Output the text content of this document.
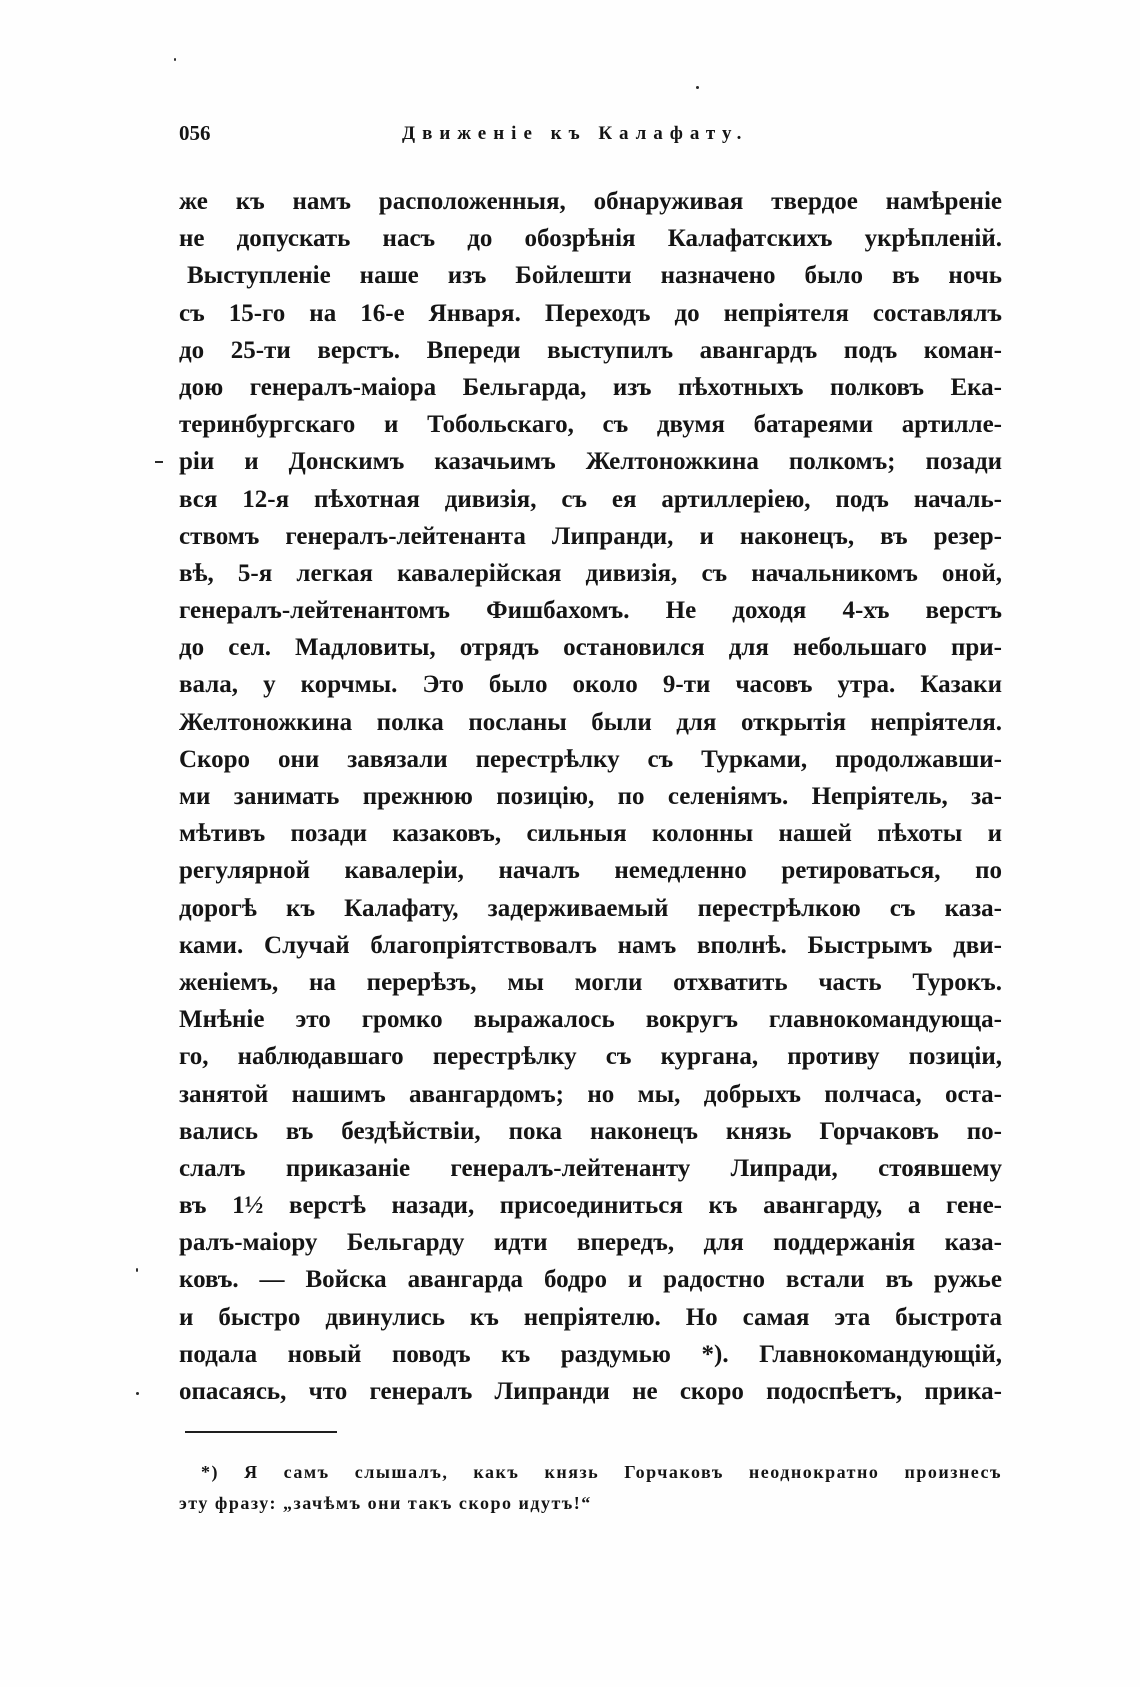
056	Движеніе къ Калафату.
же къ намъ расположенныя, обнаруживая твердое намѣреніе
не допускать насъ до обозрѣнія Калафатскихъ укрѣпленій.
Выступленіе наше изъ Бойлешти назначено было въ ночь
съ 15-го на 16-е Января. Переходъ до непріятеля составлялъ
до 25-ти верстъ. Впереди выступилъ авангардъ подъ коман-
дою генералъ-маіора Бельгарда, изъ пѣхотныхъ полковъ Ека-
теринбургскаго и Тобольскаго, съ двумя батареями артилле-
ріи и Донскимъ казачьимъ Желтоножкина полкомъ; позади
вся 12-я пѣхотная дивизія, съ ея артиллеріею, подъ началь-
ствомъ генералъ-лейтенанта Липранди, и наконецъ, въ резер-
вѣ, 5-я легкая кавалерійская дивизія, съ начальникомъ оной,
генералъ-лейтенантомъ Фишбахомъ. Не доходя 4-хъ верстъ
до сел. Мадловиты, отрядъ остановился для небольшаго при-
вала, у корчмы. Это было около 9-ти часовъ утра. Казаки
Желтоножкина полка посланы были для открытія непріятеля.
Скоро они завязали перестрѣлку съ Турками, продолжавши-
ми занимать прежнюю позицію, по селеніямъ. Непріятель, за-
мѣтивъ позади казаковъ, сильныя колонны нашей пѣхоты и
регулярной кавалеріи, началъ немедленно ретироваться, по
дорогѣ къ Калафату, задерживаемый перестрѣлкою съ каза-
ками. Случай благопріятствовалъ намъ вполнѣ. Быстрымъ дви-
женіемъ, на перерѣзъ, мы могли отхватить часть Турокъ.
Мнѣніе это громко выражалось вокругъ главнокомандующа-
го, наблюдавшаго перестрѣлку съ кургана, противу позиціи,
занятой нашимъ авангардомъ; но мы, добрыхъ полчаса, оста-
вались въ бездѣйствіи, пока наконецъ князь Горчаковъ по-
слалъ приказаніе генералъ-лейтенанту Липради, стоявшему
въ 1½ верстѣ назади, присоединиться къ авангарду, а гене-
ралъ-маіору Бельгарду идти впередъ, для поддержанія каза-
ковъ. — Войска авангарда бодро и радостно встали въ ружье
и быстро двинулись къ непріятелю. Но самая эта быстрота
подала новый поводъ къ раздумью *). Главнокомандующій,
опасаясь, что генералъ Липранди не скоро подоспѣетъ, прика-
*) Я самъ слышалъ, какъ князь Горчаковъ неоднократно произнесъ
эту фразу: „зачѣмъ они такъ скоро идутъ!“
